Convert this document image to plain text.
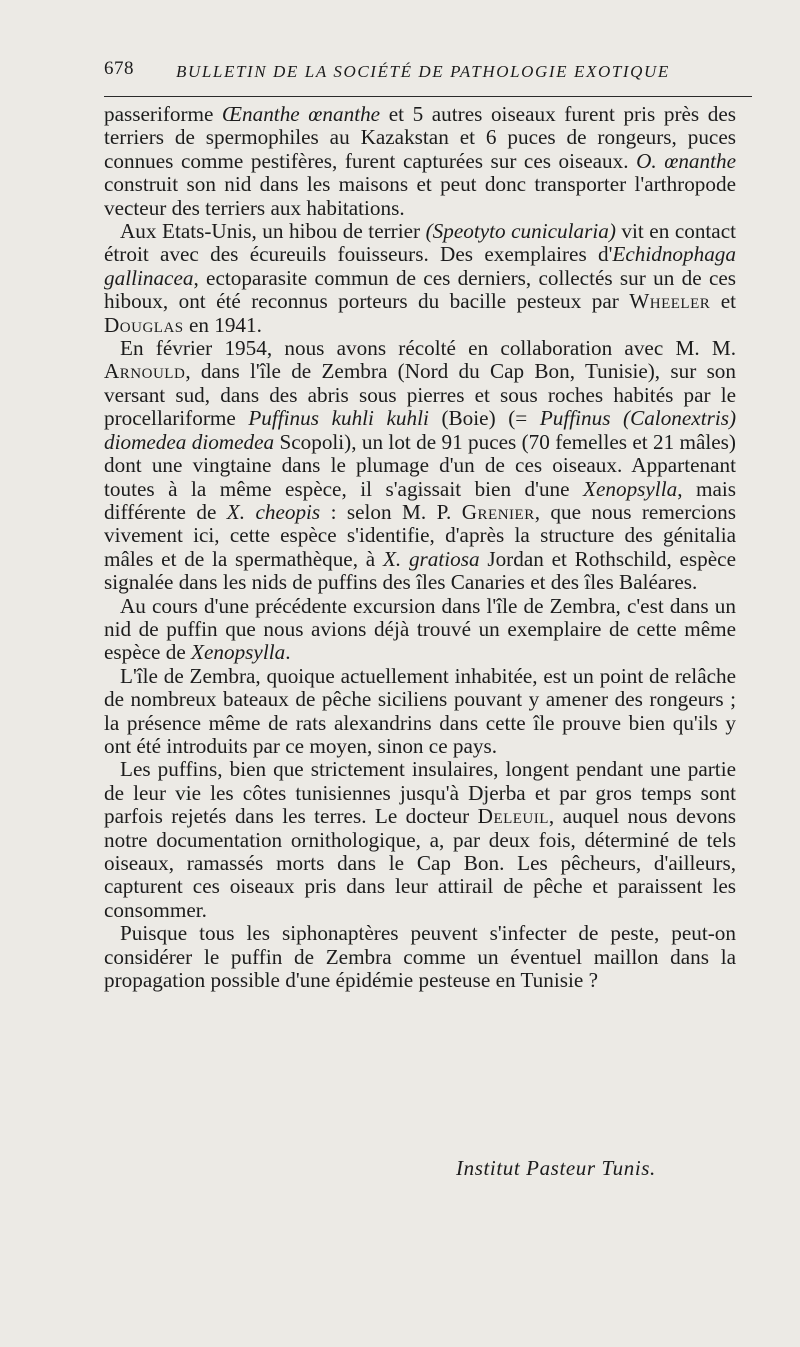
678 BULLETIN DE LA SOCIÉTÉ DE PATHOLOGIE EXOTIQUE

passeriforme Œnanthe œnanthe et 5 autres oiseaux furent pris près des terriers de spermophiles au Kazakstan et 6 puces de rongeurs, puces connues comme pestifères, furent capturées sur ces oiseaux. O. œnanthe construit son nid dans les maisons et peut donc transporter l'arthropode vecteur des terriers aux habitations.

Aux Etats-Unis, un hibou de terrier (Speotyto cunicularia) vit en contact étroit avec des écureuils fouisseurs. Des exemplaires d'Echidnophaga gallinacea, ectoparasite commun de ces derniers, collectés sur un de ces hiboux, ont été reconnus porteurs du bacille pesteux par Wheeler et Douglas en 1941.

En février 1954, nous avons récolté en collaboration avec M. M. Arnould, dans l'île de Zembra (Nord du Cap Bon, Tunisie), sur son versant sud, dans des abris sous pierres et sous roches habités par le procellariforme Puffinus kuhli kuhli (Boie) (= Puffinus (Calonextris) diomedea diomedea Scopoli), un lot de 91 puces (70 femelles et 21 mâles) dont une vingtaine dans le plumage d'un de ces oiseaux. Appartenant toutes à la même espèce, il s'agissait bien d'une Xenopsylla, mais différente de X. cheopis : selon M. P. Grenier, que nous remercions vivement ici, cette espèce s'identifie, d'après la structure des génitalia mâles et de la spermathèque, à X. gratiosa Jordan et Rothschild, espèce signalée dans les nids de puffins des îles Canaries et des îles Baléares.

Au cours d'une précédente excursion dans l'île de Zembra, c'est dans un nid de puffin que nous avions déjà trouvé un exemplaire de cette même espèce de Xenopsylla.

L'île de Zembra, quoique actuellement inhabitée, est un point de relâche de nombreux bateaux de pêche siciliens pouvant y amener des rongeurs ; la présence même de rats alexandrins dans cette île prouve bien qu'ils y ont été introduits par ce moyen, sinon ce pays.

Les puffins, bien que strictement insulaires, longent pendant une partie de leur vie les côtes tunisiennes jusqu'à Djerba et par gros temps sont parfois rejetés dans les terres. Le docteur Deleuil, auquel nous devons notre documentation ornithologique, a, par deux fois, déterminé de tels oiseaux, ramassés morts dans le Cap Bon. Les pêcheurs, d'ailleurs, capturent ces oiseaux pris dans leur attirail de pêche et paraissent les consommer.

Puisque tous les siphonaptères peuvent s'infecter de peste, peut-on considérer le puffin de Zembra comme un éventuel maillon dans la propagation possible d'une épidémie pesteuse en Tunisie ?

Institut Pasteur Tunis.
